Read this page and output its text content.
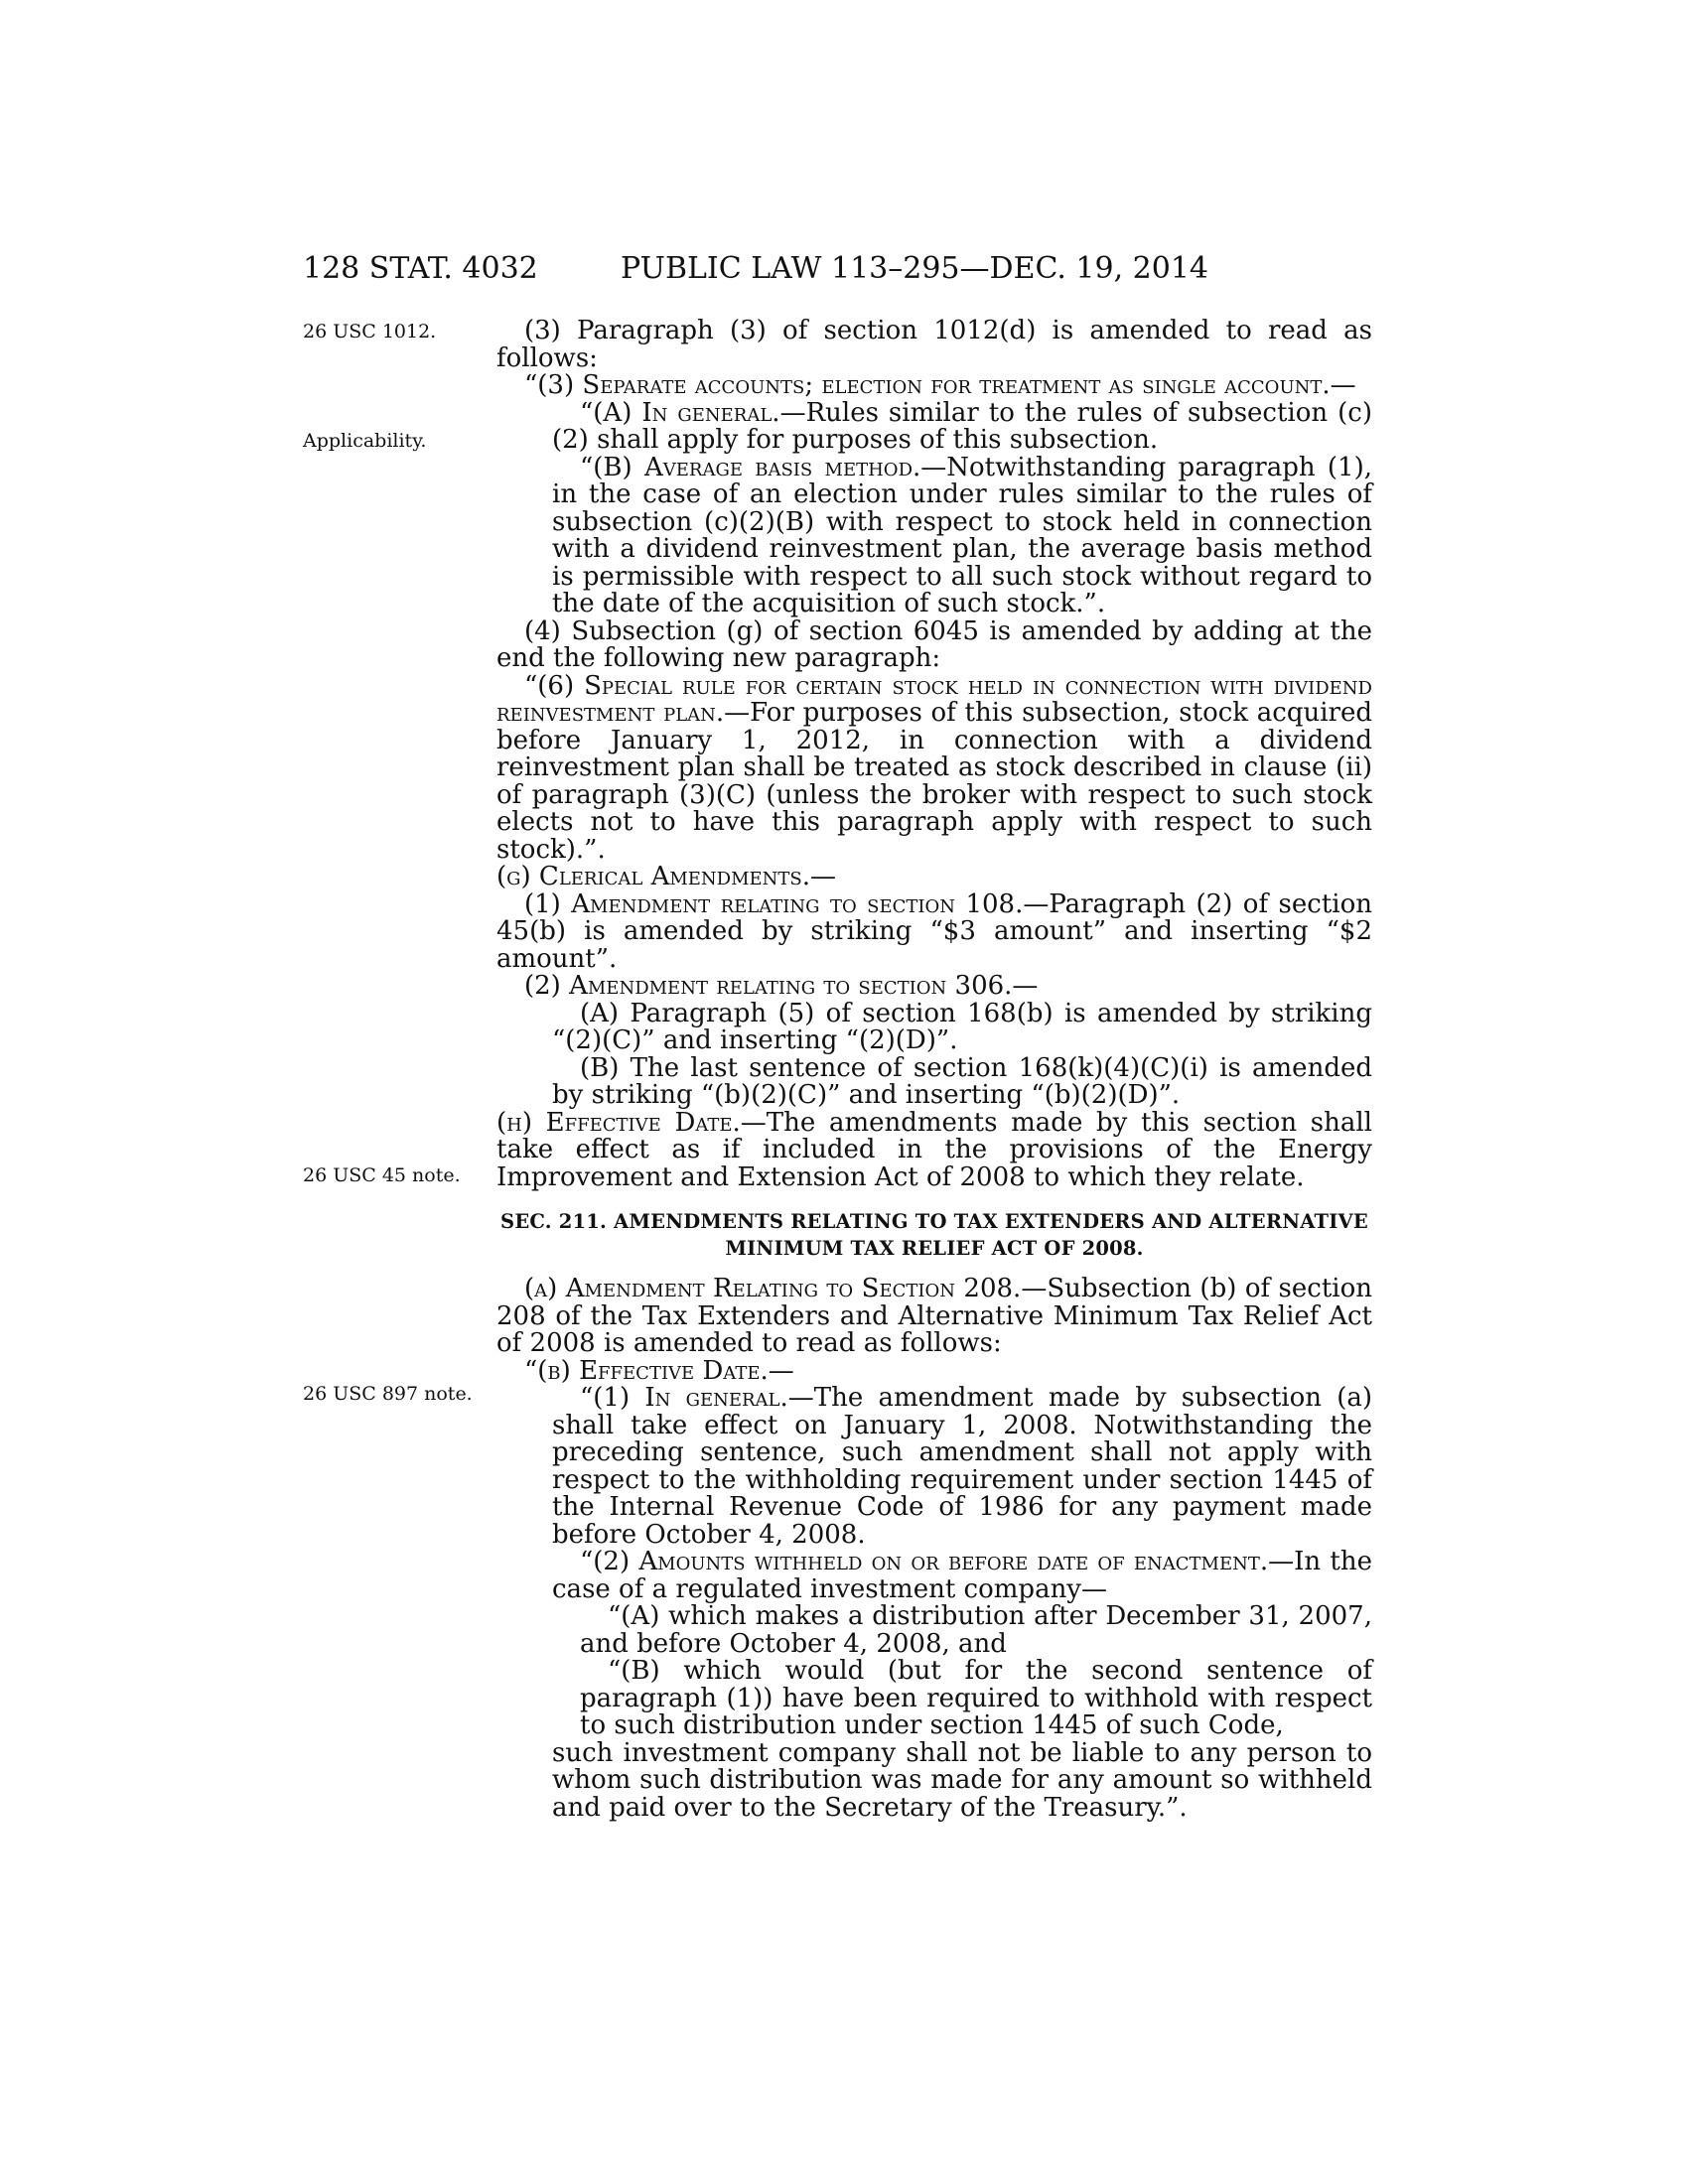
128 STAT. 4032	PUBLIC LAW 113–295—DEC. 19, 2014
26 USC 1012.
Applicability.
26 USC 45 note.
26 USC 897 note.

(3) Paragraph (3) of section 1012(d) is amended to read as follows:

“(3) Separate accounts; election for treatment as single account.—

“(A) In general.—Rules similar to the rules of subsection (c)(2) shall apply for purposes of this subsection.

“(B) Average basis method.—Notwithstanding paragraph (1), in the case of an election under rules similar to the rules of subsection (c)(2)(B) with respect to stock held in connection with a dividend reinvestment plan, the average basis method is permissible with respect to all such stock without regard to the date of the acquisition of such stock.”.

(4) Subsection (g) of section 6045 is amended by adding at the end the following new paragraph:

“(6) Special rule for certain stock held in connection with dividend reinvestment plan.—For purposes of this subsection, stock acquired before January 1, 2012, in connection with a dividend reinvestment plan shall be treated as stock described in clause (ii) of paragraph (3)(C) (unless the broker with respect to such stock elects not to have this paragraph apply with respect to such stock).”.

(g) Clerical Amendments.—

(1) Amendment relating to section 108.—Paragraph (2) of section 45(b) is amended by striking “$3 amount” and inserting “$2 amount”.

(2) Amendment relating to section 306.—

(A) Paragraph (5) of section 168(b) is amended by striking “(2)(C)” and inserting “(2)(D)”.

(B) The last sentence of section 168(k)(4)(C)(i) is amended by striking “(b)(2)(C)” and inserting “(b)(2)(D)”.

(h) Effective Date.—The amendments made by this section shall take effect as if included in the provisions of the Energy Improvement and Extension Act of 2008 to which they relate.

SEC. 211. AMENDMENTS RELATING TO TAX EXTENDERS AND ALTERNATIVE MINIMUM TAX RELIEF ACT OF 2008.

(a) Amendment Relating to Section 208.—Subsection (b) of section 208 of the Tax Extenders and Alternative Minimum Tax Relief Act of 2008 is amended to read as follows:

“(b) Effective Date.—

“(1) In general.—The amendment made by subsection (a) shall take effect on January 1, 2008. Notwithstanding the preceding sentence, such amendment shall not apply with respect to the withholding requirement under section 1445 of the Internal Revenue Code of 1986 for any payment made before October 4, 2008.

“(2) Amounts withheld on or before date of enactment.—In the case of a regulated investment company—

“(A) which makes a distribution after December 31, 2007, and before October 4, 2008, and

“(B) which would (but for the second sentence of paragraph (1)) have been required to withhold with respect to such distribution under section 1445 of such Code,

such investment company shall not be liable to any person to whom such distribution was made for any amount so withheld and paid over to the Secretary of the Treasury.”.
